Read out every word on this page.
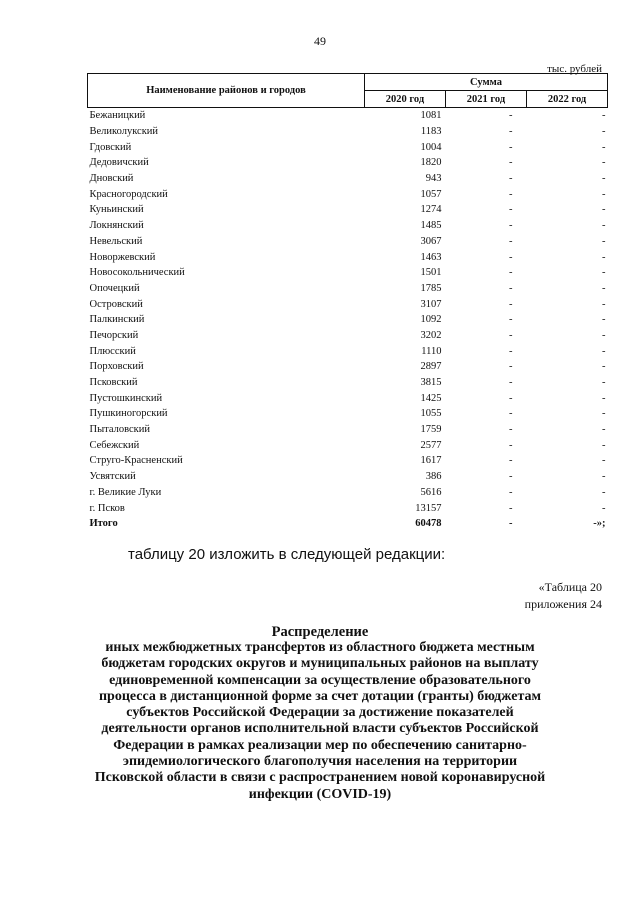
49
тыс. рублей
Наименование районов и городов	Сумма		
	2020 год	2021 год	2022 год
Бежаницкий	1081	-	-
Великолукский	1183	-	-
Гдовский	1004	-	-
Дедовичский	1820	-	-
Дновский	943	-	-
Красногородский	1057	-	-
Куньинский	1274	-	-
Локнянский	1485	-	-
Невельский	3067	-	-
Новоржевский	1463	-	-
Новосокольнический	1501	-	-
Опочецкий	1785	-	-
Островский	3107	-	-
Палкинский	1092	-	-
Печорский	3202	-	-
Плюсский	1110	-	-
Порховский	2897	-	-
Псковский	3815	-	-
Пустошкинский	1425	-	-
Пушкиногорский	1055	-	-
Пыталовский	1759	-	-
Себежский	2577	-	-
Струго-Красненский	1617	-	-
Усвятский	386	-	-
г. Великие Луки	5616	-	-
г. Псков	13157	-	-
Итого	60478	-	-»;
таблицу 20 изложить в следующей редакции:
«Таблица 20
приложения 24
Распределение
иных межбюджетных трансфертов из областного бюджета местным бюджетам городских округов и муниципальных районов на выплату единовременной компенсации за осуществление образовательного процесса в дистанционной форме за счет дотации (гранты) бюджетам субъектов Российской Федерации за достижение показателей деятельности органов исполнительной власти субъектов Российской Федерации в рамках реализации мер по обеспечению санитарно-эпидемиологического благополучия населения на территории Псковской области в связи с распространением новой коронавирусной инфекции (COVID-19)
